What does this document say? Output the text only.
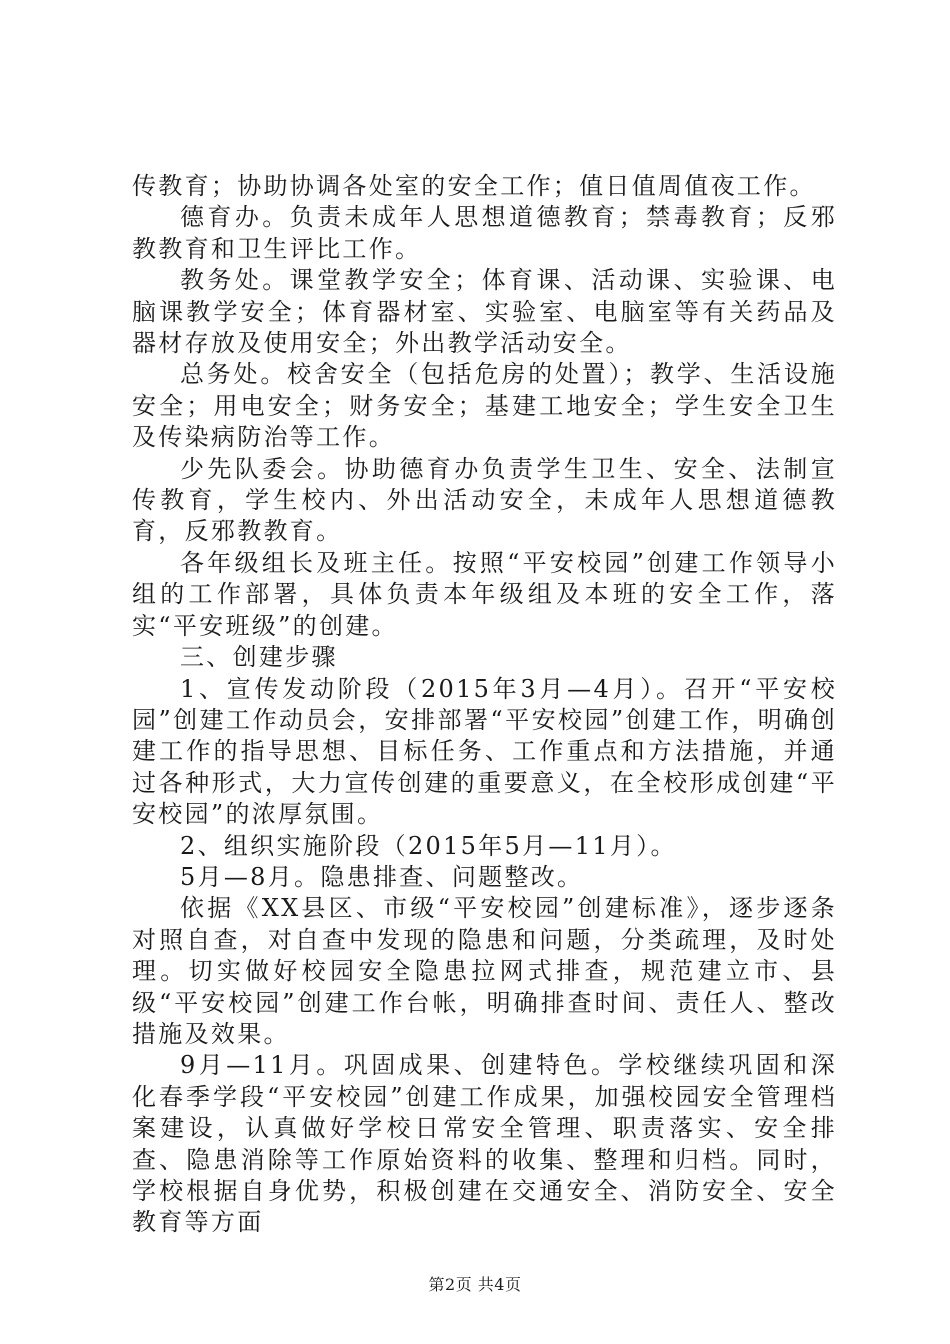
传教育；协助协调各处室的安全工作；值日值周值夜工作。

德育办。负责未成年人思想道德教育；禁毒教育；反邪教教育和卫生评比工作。

教务处。课堂教学安全；体育课、活动课、实验课、电脑课教学安全；体育器材室、实验室、电脑室等有关药品及器材存放及使用安全；外出教学活动安全。

总务处。校舍安全（包括危房的处置）；教学、生活设施安全；用电安全；财务安全；基建工地安全；学生安全卫生及传染病防治等工作。

少先队委会。协助德育办负责学生卫生、安全、法制宣传教育，学生校内、外出活动安全，未成年人思想道德教育，反邪教教育。

各年级组长及班主任。按照“平安校园”创建工作领导小组的工作部署，具体负责本年级组及本班的安全工作，落实“平安班级”的创建。

三、创建步骤

1、宣传发动阶段（2015年3月—4月）。召开“平安校园”创建工作动员会，安排部署“平安校园”创建工作，明确创建工作的指导思想、目标任务、工作重点和方法措施，并通过各种形式，大力宣传创建的重要意义，在全校形成创建“平安校园”的浓厚氛围。

2、组织实施阶段（2015年5月—11月）。

5月—8月。隐患排查、问题整改。

依据《XX县区、市级“平安校园”创建标准》，逐步逐条对照自查，对自查中发现的隐患和问题，分类疏理，及时处理。切实做好校园安全隐患拉网式排查，规范建立市、县级“平安校园”创建工作台帐，明确排查时间、责任人、整改措施及效果。

9月—11月。巩固成果、创建特色。学校继续巩固和深化春季学段“平安校园”创建工作成果，加强校园安全管理档案建设，认真做好学校日常安全管理、职责落实、安全排查、隐患消除等工作原始资料的收集、整理和归档。同时，学校根据自身优势，积极创建在交通安全、消防安全、安全教育等方面

第2页 共4页
